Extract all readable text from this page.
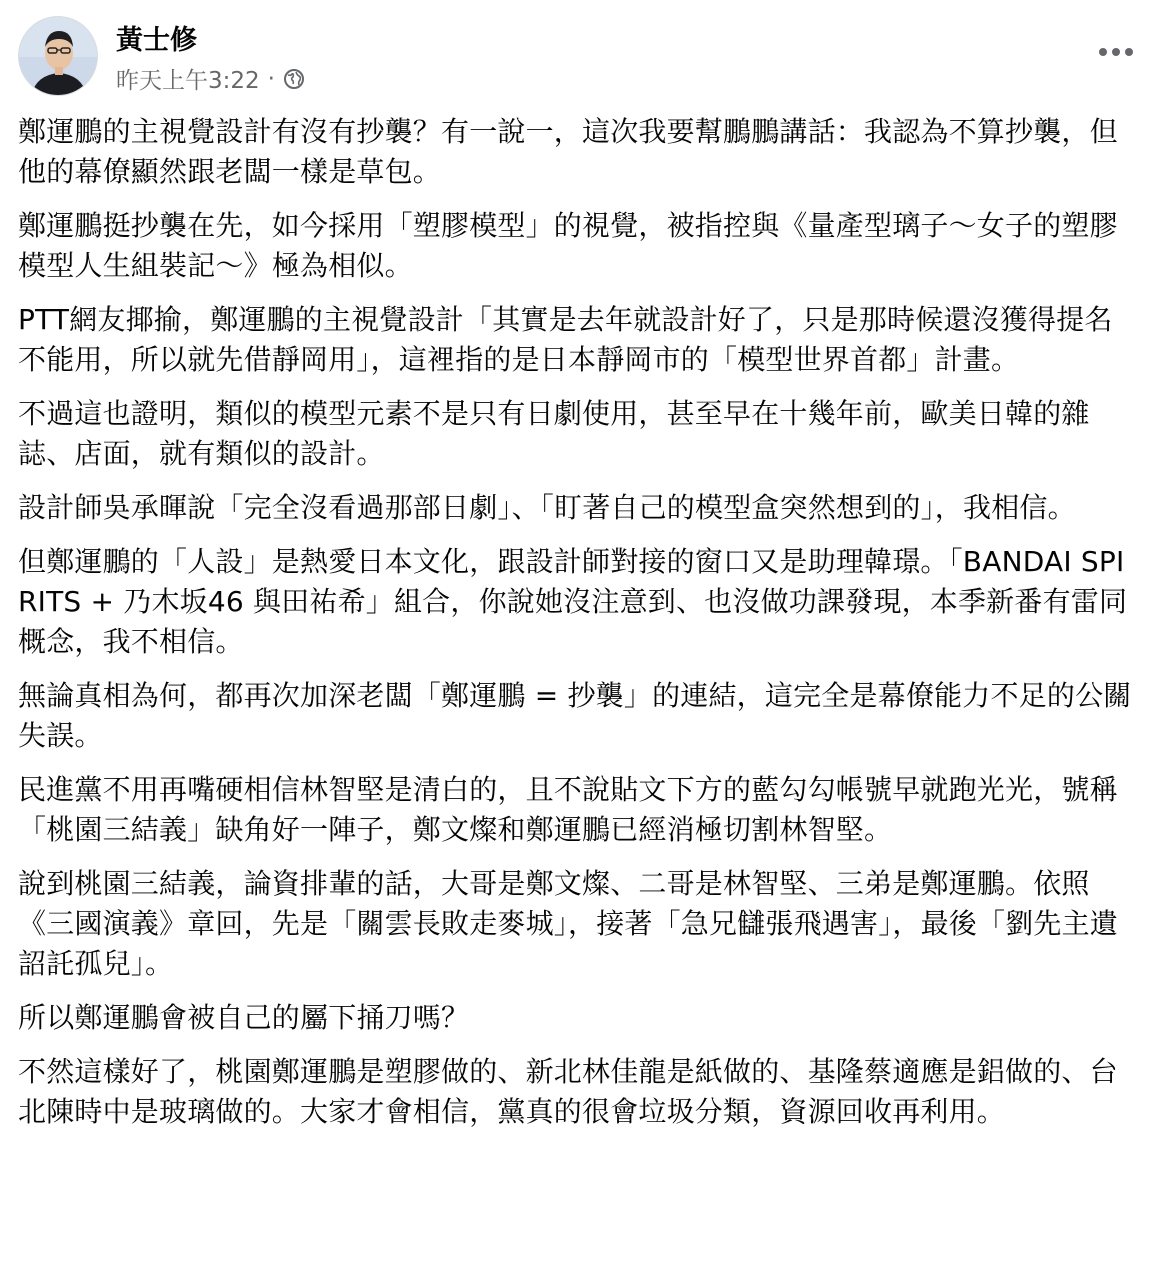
黃士修
昨天上午3:22 ·

鄭運鵬的主視覺設計有沒有抄襲？有一說一，這次我要幫鵬鵬講話：我認為不算抄襲，但他的幕僚顯然跟老闆一樣是草包。

鄭運鵬挺抄襲在先，如今採用「塑膠模型」的視覺，被指控與《量產型璃子～女子的塑膠模型人生組裝記～》極為相似。

PTT網友揶揄，鄭運鵬的主視覺設計「其實是去年就設計好了，只是那時候還沒獲得提名不能用，所以就先借靜岡用」，這裡指的是日本靜岡市的「模型世界首都」計畫。

不過這也證明，類似的模型元素不是只有日劇使用，甚至早在十幾年前，歐美日韓的雜誌、店面，就有類似的設計。

設計師吳承暉說「完全沒看過那部日劇」、「盯著自己的模型盒突然想到的」，我相信。

但鄭運鵬的「人設」是熱愛日本文化，跟設計師對接的窗口又是助理韓璟。「BANDAI SPIRITS + 乃木坂46 與田祐希」組合，你說她沒注意到、也沒做功課發現，本季新番有雷同概念，我不相信。

無論真相為何，都再次加深老闆「鄭運鵬 = 抄襲」的連結，這完全是幕僚能力不足的公關失誤。

民進黨不用再嘴硬相信林智堅是清白的，且不說貼文下方的藍勾勾帳號早就跑光光，號稱「桃園三結義」缺角好一陣子，鄭文燦和鄭運鵬已經消極切割林智堅。

說到桃園三結義，論資排輩的話，大哥是鄭文燦、二哥是林智堅、三弟是鄭運鵬。依照《三國演義》章回，先是「關雲長敗走麥城」，接著「急兄讎張飛遇害」，最後「劉先主遺詔託孤兒」。

所以鄭運鵬會被自己的屬下捅刀嗎？

不然這樣好了，桃園鄭運鵬是塑膠做的、新北林佳龍是紙做的、基隆蔡適應是鋁做的、台北陳時中是玻璃做的。大家才會相信，黨真的很會垃圾分類，資源回收再利用。
